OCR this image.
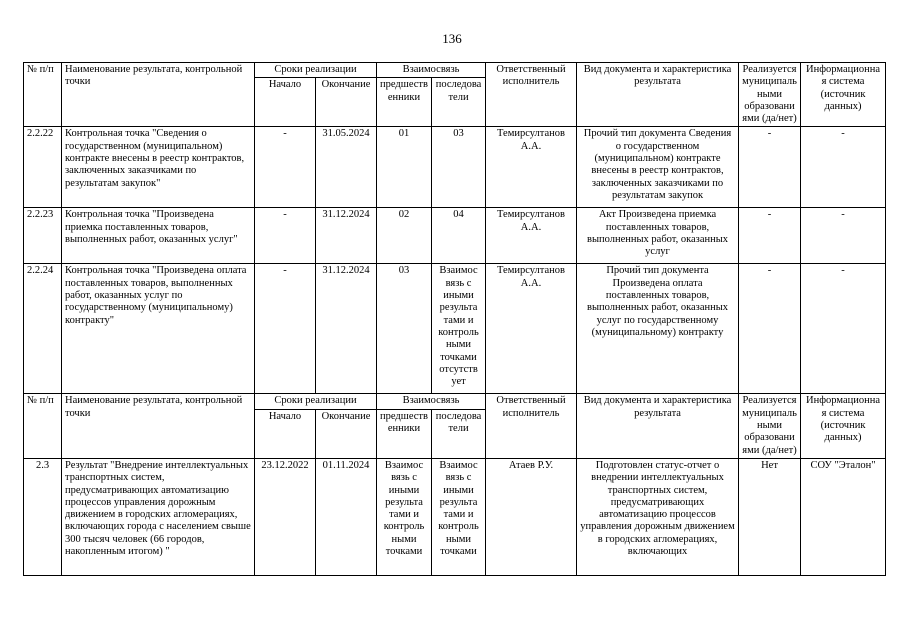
136
№ п/п	Наименование результата, контрольной точки	Сроки реализации		Взаимосвязь		Ответственный исполнитель	Вид документа и характеристика результата	Реализуется муниципаль ными образовани ями (да/нет)	Информационна я система (источник данных)
		Начало	Окончание	предшеств енники	последова тели				
2.2.22	Контрольная точка "Сведения о государственном (муниципальном) контракте внесены в реестр контрактов, заключенных заказчиками по результатам закупок"	-	31.05.2024	01	03	Темирсултанов А.А.	Прочий тип документа Сведения о государственном (муниципальном) контракте внесены в реестр контрактов, заключенных заказчиками по результатам закупок	-	-
2.2.23	Контрольная точка "Произведена приемка поставленных товаров, выполненных работ, оказанных услуг"	-	31.12.2024	02	04	Темирсултанов А.А.	Акт Произведена приемка поставленных товаров, выполненных работ, оказанных услуг	-	-
2.2.24	Контрольная точка "Произведена оплата поставленных товаров, выполненных работ, оказанных услуг по государственному (муниципальному) контракту"	-	31.12.2024	03	Взаимос вязь с иными результа тами и контроль ными точками отсутств ует	Темирсултанов А.А.	Прочий тип документа Произведена оплата поставленных товаров, выполненных работ, оказанных услуг по государственному (муниципальному) контракту	-	-
№ п/п	Наименование результата, контрольной точки	Сроки реализации		Взаимосвязь		Ответственный исполнитель	Вид документа и характеристика результата	Реализуется муниципаль ными образовани ями (да/нет)	Информационна я система (источник данных)
		Начало	Окончание	предшеств енники	последова тели				
2.3	Результат "Внедрение интеллектуальных транспортных систем, предусматривающих автоматизацию процессов управления дорожным движением в городских агломерациях, включающих города с населением свыше 300 тысяч человек (66 городов, накопленным итогом) "	23.12.2022	01.11.2024	Взаимос вязь с иными результа тами и контроль ными точками	Взаимос вязь с иными результа тами и контроль ными точками	Атаев Р.У.	Подготовлен статус-отчет о внедрении интеллектуальных транспортных систем, предусматривающих автоматизацию процессов управления дорожным движением в городских агломерациях, включающих	Нет	СОУ "Эталон"
